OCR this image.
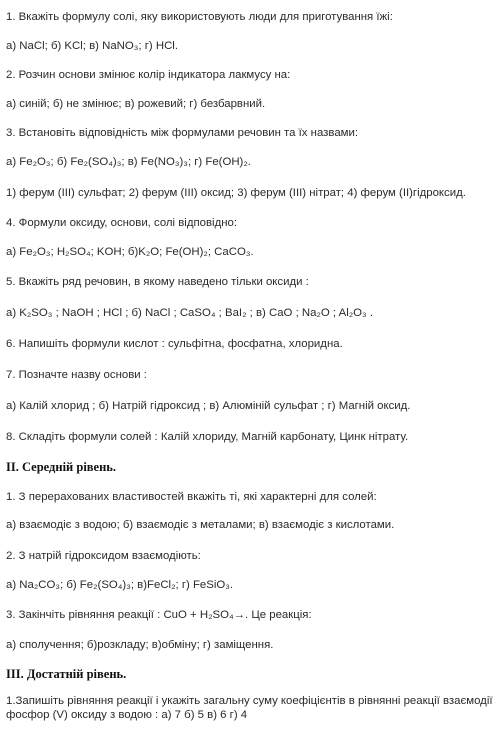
1. Вкажіть формулу солі, яку використовують люди для приготування їжі:
а) NaCl; б) KCl; в) NaNO₃; г) HCl.
2. Розчин основи змінює колір індикатора лакмусу на:
а) синій; б) не змінює; в) рожевий; г) безбарвний.
3. Встановіть відповідність між формулами речовин та їх назвами:
а) Fe₂O₃; б) Fe₂(SO₄)₃; в) Fe(NO₃)₃; г) Fe(OH)₂.
1) ферум (III) сульфат; 2) ферум (III) оксид; 3) ферум (III) нітрат; 4) ферум (II)гідроксид.
4. Формули оксиду, основи, солі відповідно:
а) Fe₂O₃; H₂SO₄; KOH; б)K₂O; Fe(OH)₂; CaCO₃.
5. Вкажіть ряд речовин, в якому наведено тільки оксиди :
а) K₂SO₃ ; NaOH ; HCl ; б) NaCl ; CaSO₄ ; BaI₂ ; в) CaO ; Na₂O ; Al₂O₃ .
6. Напишіть формули кислот : сульфітна, фосфатна, хлоридна.
7. Позначте назву основи :
а) Калій хлорид ; б) Натрій гідроксид ; в) Алюміній сульфат ; г) Магній оксид.
8. Складіть формули солей : Калій хлориду, Магній карбонату, Цинк нітрату.
II. Середній рівень.
1. З перерахованих властивостей вкажіть ті, які характерні для солей:
а) взаємодіє з водою; б) взаємодіє з металами; в) взаємодіє з кислотами.
2. З натрій гідроксидом взаємодіють:
а) Na₂CO₃; б) Fe₂(SO₄)₃; в)FeCl₂; г) FeSiO₃.
3. Закінчіть рівняння реакції : CuO + H₂SO₄→. Це реакція:
а) сполучення; б)розкладу; в)обміну; г) заміщення.
III. Достатній рівень.
1.Запишіть рівняння реакції і укажіть загальну суму коефіцієнтів в рівнянні реакції взаємодії фосфор (V) оксиду з водою : а) 7 б) 5 в) 6 г) 4
